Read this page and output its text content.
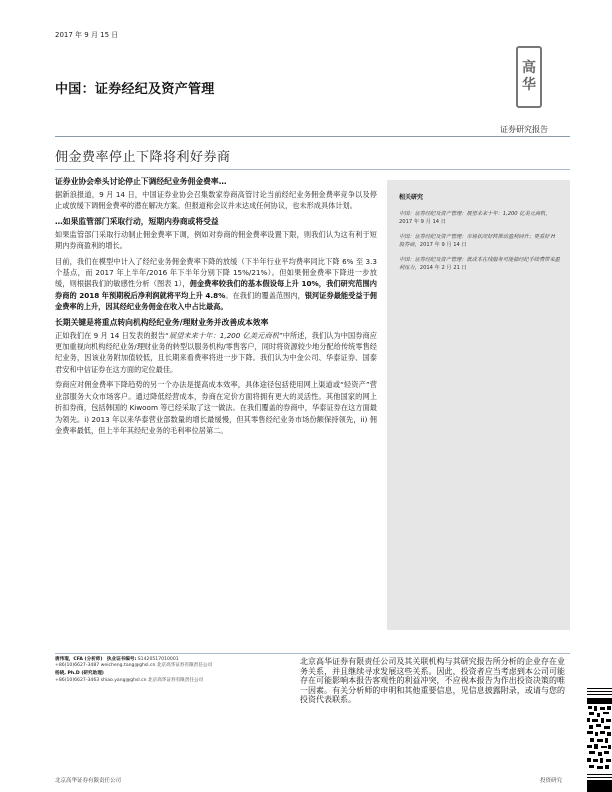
2017 年 9 月 15 日
中国：证券经纪及资产管理
高
华
证券研究报告
佣金费率停止下降将利好券商
证券业协会牵头讨论停止下调经纪业务佣金费率…

据新浪报道，9 月 14 日，中国证券业协会召集数家券商高管讨论当前经纪业务佣金费率竞争以及停止或放缓下调佣金费率的潜在解决方案。但报道称会议并未达成任何协议，也未形成具体计划。

…如果监管部门采取行动，短期内券商或将受益

如果监管部门采取行动制止佣金费率下调，例如对券商的佣金费率设置下限，则我们认为这有利于短期内券商盈利的增长。

目前，我们在模型中计入了经纪业务佣金费率下降的放缓（下半年行业平均费率同比下降 6% 至 3.3 个基点，而 2017 年上半年/2016 年下半年分别下降 15%/21%）。但如果佣金费率下降进一步放缓，则根据我们的敏感性分析（图表 1），佣金费率较我们的基本假设每上升 10%，我们研究范围内券商的 2018 年预期税后净利润就将平均上升 4.8%。在我们的覆盖范围内，银河证券最能受益于佣金费率的上升，因其经纪业务佣金在收入中占比最高。

长期关键是将重点转向机构经纪业务/理财业务并改善成本效率

正如我们在 9 月 14 日发表的报告“展望未来十年：1,200 亿美元商机”中所述，我们认为中国券商应更加重视向机构经纪业务/理财业务的转型以服务机构/零售客户，同时将资源较少地分配给传统零售经纪业务，因该业务附加值较低，且长期来看费率将进一步下降。我们认为中金公司、华泰证券、国泰君安和中信证券在这方面的定位最佳。

券商应对佣金费率下降趋势的另一个办法是提高成本效率，具体途径包括使用网上渠道或“轻资产”营业部服务大众市场客户。通过降低经营成本，券商在定价方面将拥有更大的灵活性。其他国家的网上折扣券商，包括韩国的 Kiwoom 等已经采取了这一做法。在我们覆盖的券商中，华泰证券在这方面最为领先。i) 2013 年以来华泰营业部数量的增长最缓慢，但其零售经纪业务市场份额保持领先，ii) 佣金费率最低，但上半年其经纪业务的毛利率位居第二。

相关研究
中国：证券经纪及资产管理：展望未来十年：1,200 亿美元商机，2017 年 9 月 14 日
中国：证券经纪及资产管理：市场状况好转推动盈利回升；更看好 H 股券商，2017 年 9 月 14 日
中国：证券经纪及资产管理：低成本在线服务可能抽经纪手续费带来盈利压力，2014 年 2 月 21 日
唐伟琨，CFA (分析师) 执业证书编号: S1420517010001
+86(10)6627-3487 weicheng.tang@ghsl.cn 北京高华证券有限责任公司
杨晓, Ph.D (研究助理)
+86(10)6627-3463 shiao.yang@ghsl.cn 北京高华证券有限责任公司
北京高华证券有限责任公司及其关联机构与其研究报告所分析的企业存在业务关系，并且继续寻求发展这些关系。因此，投资者应当考虑到本公司可能存在可能影响本报告客观性的利益冲突，不应视本报告为作出投资决策的唯一因素。有关分析师的申明和其他重要信息，见信息披露附录，或请与您的投资代表联系。
北京高华证券有限责任公司	投资研究
